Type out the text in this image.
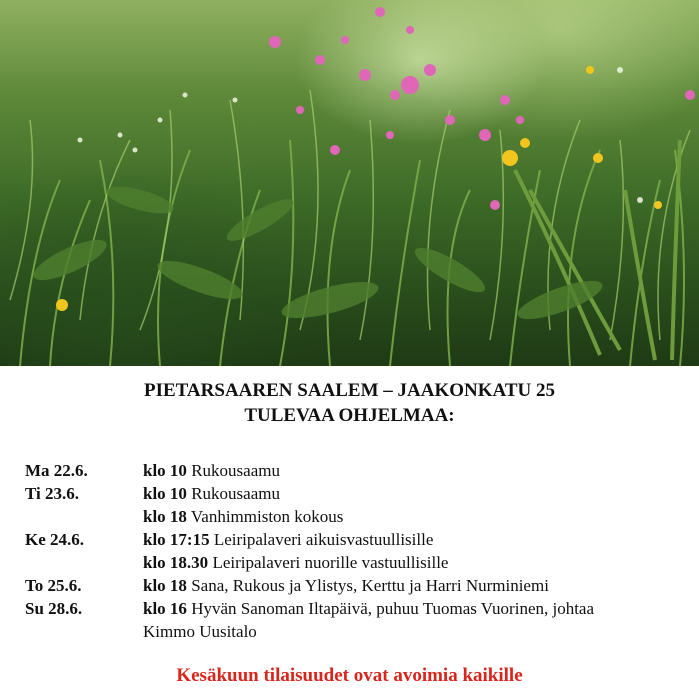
PIETARSAAREN SAALEM – JAAKONKATU 25
TULEVAA OHJELMAA:
Ma 22.6.	klo 10 Rukousaamu
Ti 23.6.	klo 10 Rukousaamu
klo 18 Vanhimmiston kokous
Ke 24.6.	klo 17:15 Leiripalaveri aikuisvastuullisille
klo 18.30 Leiripalaveri nuorille vastuullisille
To 25.6.	klo 18 Sana, Rukous ja Ylistys, Kerttu ja Harri Nurminiemi
Su 28.6.	klo 16 Hyvän Sanoman Iltapäivä, puhuu Tuomas Vuorinen, johtaa
Kimmo Uusitalo
Kesäkuun tilaisuudet ovat avoimia kaikille
